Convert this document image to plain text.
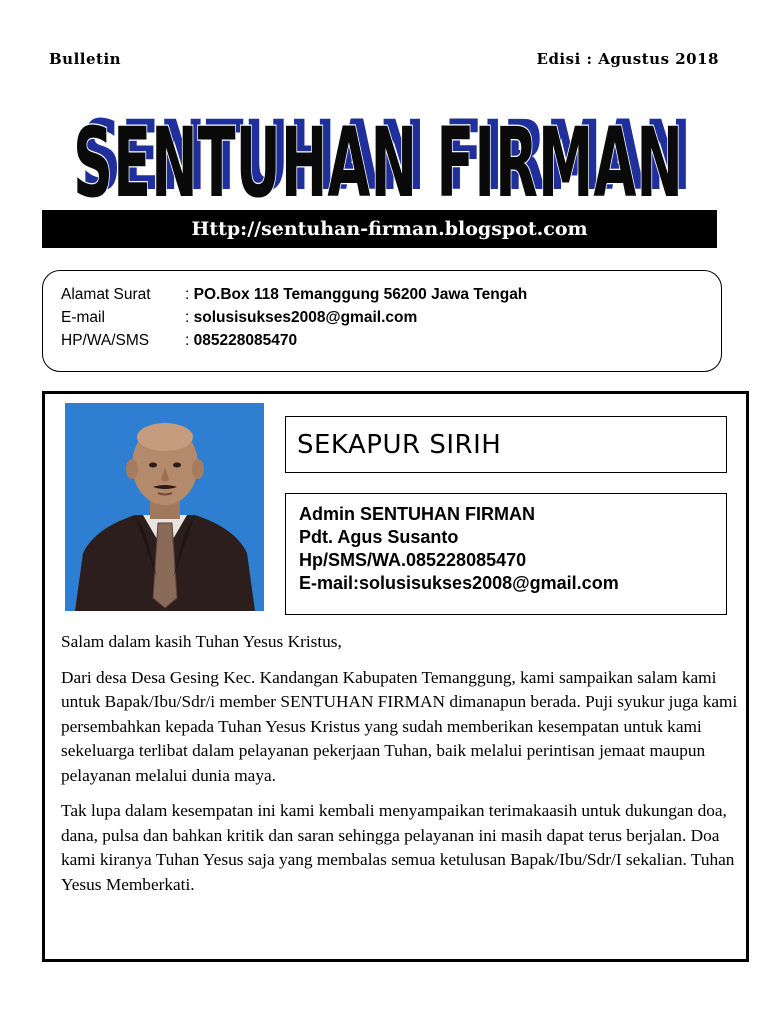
Bulletin	Edisi : Agustus 2018
SENTUHAN FIRMAN
SENTUHAN FIRMAN
Http://sentuhan-firman.blogspot.com
Alamat Surat : PO.Box 118 Temanggung 56200 Jawa Tengah
E-mail	: solusisukses2008@gmail.com
HP/WA/SMS : 085228085470
SEKAPUR SIRIH
Admin SENTUHAN FIRMAN
Pdt. Agus Susanto
Hp/SMS/WA.085228085470
E-mail:solusisukses2008@gmail.com

Salam dalam kasih Tuhan Yesus Kristus,

Dari desa Desa Gesing Kec. Kandangan Kabupaten Temanggung, kami sampaikan salam kami untuk Bapak/Ibu/Sdr/i member SENTUHAN FIRMAN dimanapun berada. Puji syukur juga kami persembahkan kepada Tuhan Yesus Kristus yang sudah memberikan kesempatan untuk kami sekeluarga terlibat dalam pelayanan pekerjaan Tuhan, baik melalui perintisan jemaat maupun pelayanan melalui dunia maya.

Tak lupa dalam kesempatan ini kami kembali menyampaikan terimakaasih untuk dukungan doa, dana, pulsa dan bahkan kritik dan saran sehingga pelayanan ini masih dapat terus berjalan. Doa kami kiranya Tuhan Yesus saja yang membalas semua ketulusan Bapak/Ibu/Sdr/I sekalian. Tuhan Yesus Memberkati.
